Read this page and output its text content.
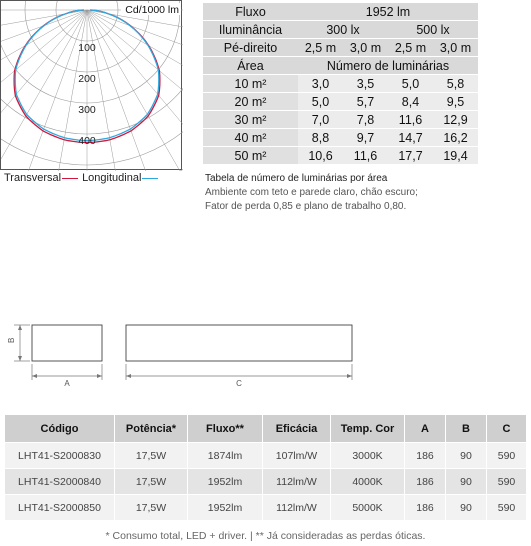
Cd/1000 lm
100
200
300
400
Transversal Longitudinal
Fluxo	1952 lm			
Iluminância	300 lx		500 lx	
Pé-direito	2,5 m	3,0 m	2,5 m	3,0 m
Área	Número de luminárias			
10 m²	3,0	3,5	5,0	5,8
20 m²	5,0	5,7	8,4	9,5
30 m²	7,0	7,8	11,6	12,9
40 m²	8,8	9,7	14,7	16,2
50 m²	10,6	11,6	17,7	19,4
Tabela de número de luminárias por área
Ambiente com teto e parede claro, chão escuro;
Fator de perda 0,85 e plano de trabalho 0,80.
B
A	C
Código	Potência*	Fluxo**	Eficácia	Temp. Cor	A	B	C
LHT41-S2000830	17,5W	1874lm	107lm/W	3000K	186	90	590
LHT41-S2000840	17,5W	1952lm	112lm/W	4000K	186	90	590
LHT41-S2000850	17,5W	1952lm	112lm/W	5000K	186	90	590
* Consumo total, LED + driver. | ** Já consideradas as perdas óticas.
